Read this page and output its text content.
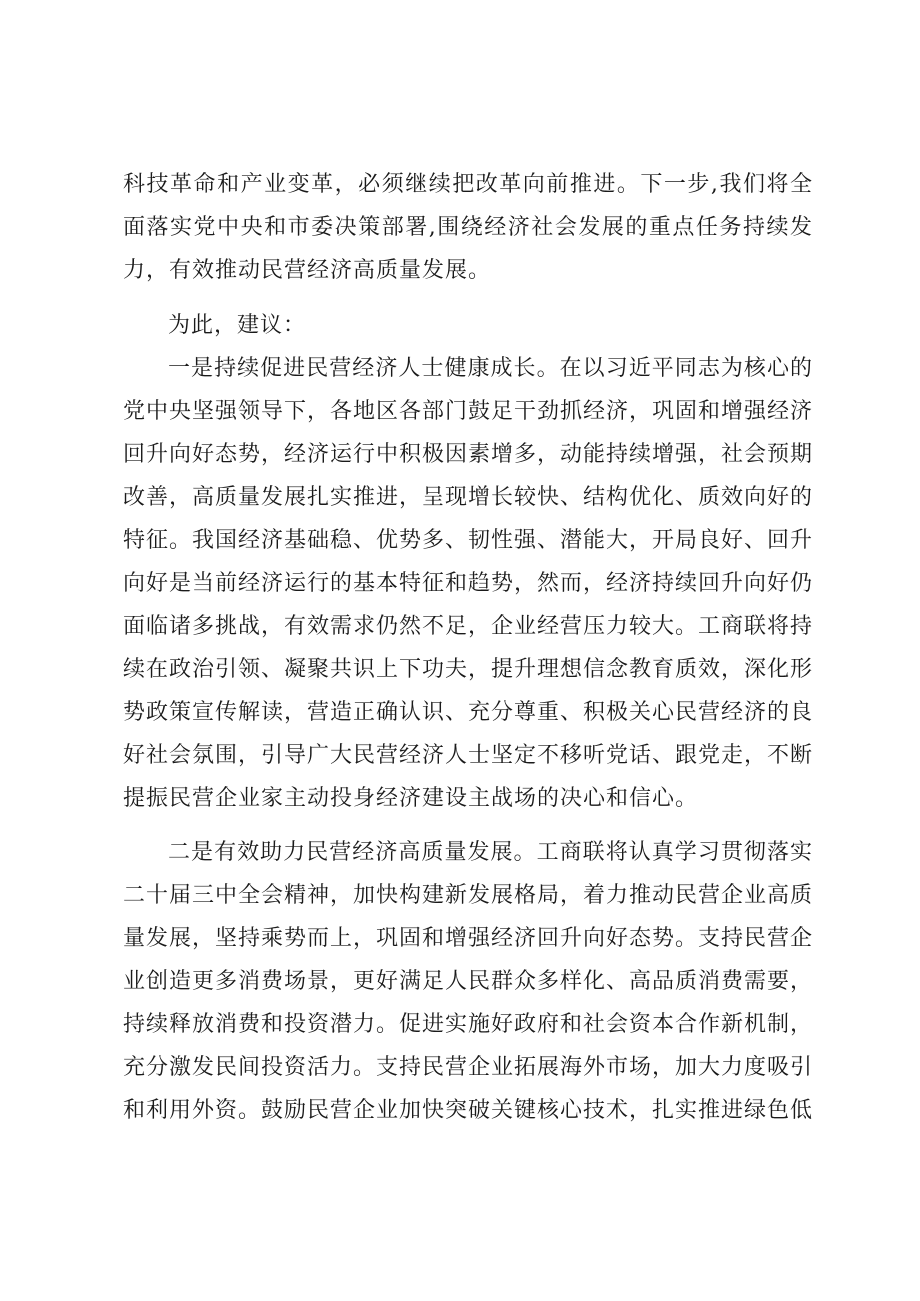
科技革命和产业变革，必须继续把改革向前推进。下一步,我们将全
面落实党中央和市委决策部署,围绕经济社会发展的重点任务持续发
力，有效推动民营经济高质量发展。
为此，建议：
一是持续促进民营经济人士健康成长。在以习近平同志为核心的
党中央坚强领导下，各地区各部门鼓足干劲抓经济，巩固和增强经济
回升向好态势，经济运行中积极因素增多，动能持续增强，社会预期
改善，高质量发展扎实推进，呈现增长较快、结构优化、质效向好的
特征。我国经济基础稳、优势多、韧性强、潜能大，开局良好、回升
向好是当前经济运行的基本特征和趋势，然而，经济持续回升向好仍
面临诸多挑战，有效需求仍然不足，企业经营压力较大。工商联将持
续在政治引领、凝聚共识上下功夫，提升理想信念教育质效，深化形
势政策宣传解读，营造正确认识、充分尊重、积极关心民营经济的良
好社会氛围，引导广大民营经济人士坚定不移听党话、跟党走，不断
提振民营企业家主动投身经济建设主战场的决心和信心。
二是有效助力民营经济高质量发展。工商联将认真学习贯彻落实
二十届三中全会精神，加快构建新发展格局，着力推动民营企业高质
量发展，坚持乘势而上，巩固和增强经济回升向好态势。支持民营企
业创造更多消费场景，更好满足人民群众多样化、高品质消费需要，
持续释放消费和投资潜力。促进实施好政府和社会资本合作新机制，
充分激发民间投资活力。支持民营企业拓展海外市场，加大力度吸引
和利用外资。鼓励民营企业加快突破关键核心技术，扎实推进绿色低
